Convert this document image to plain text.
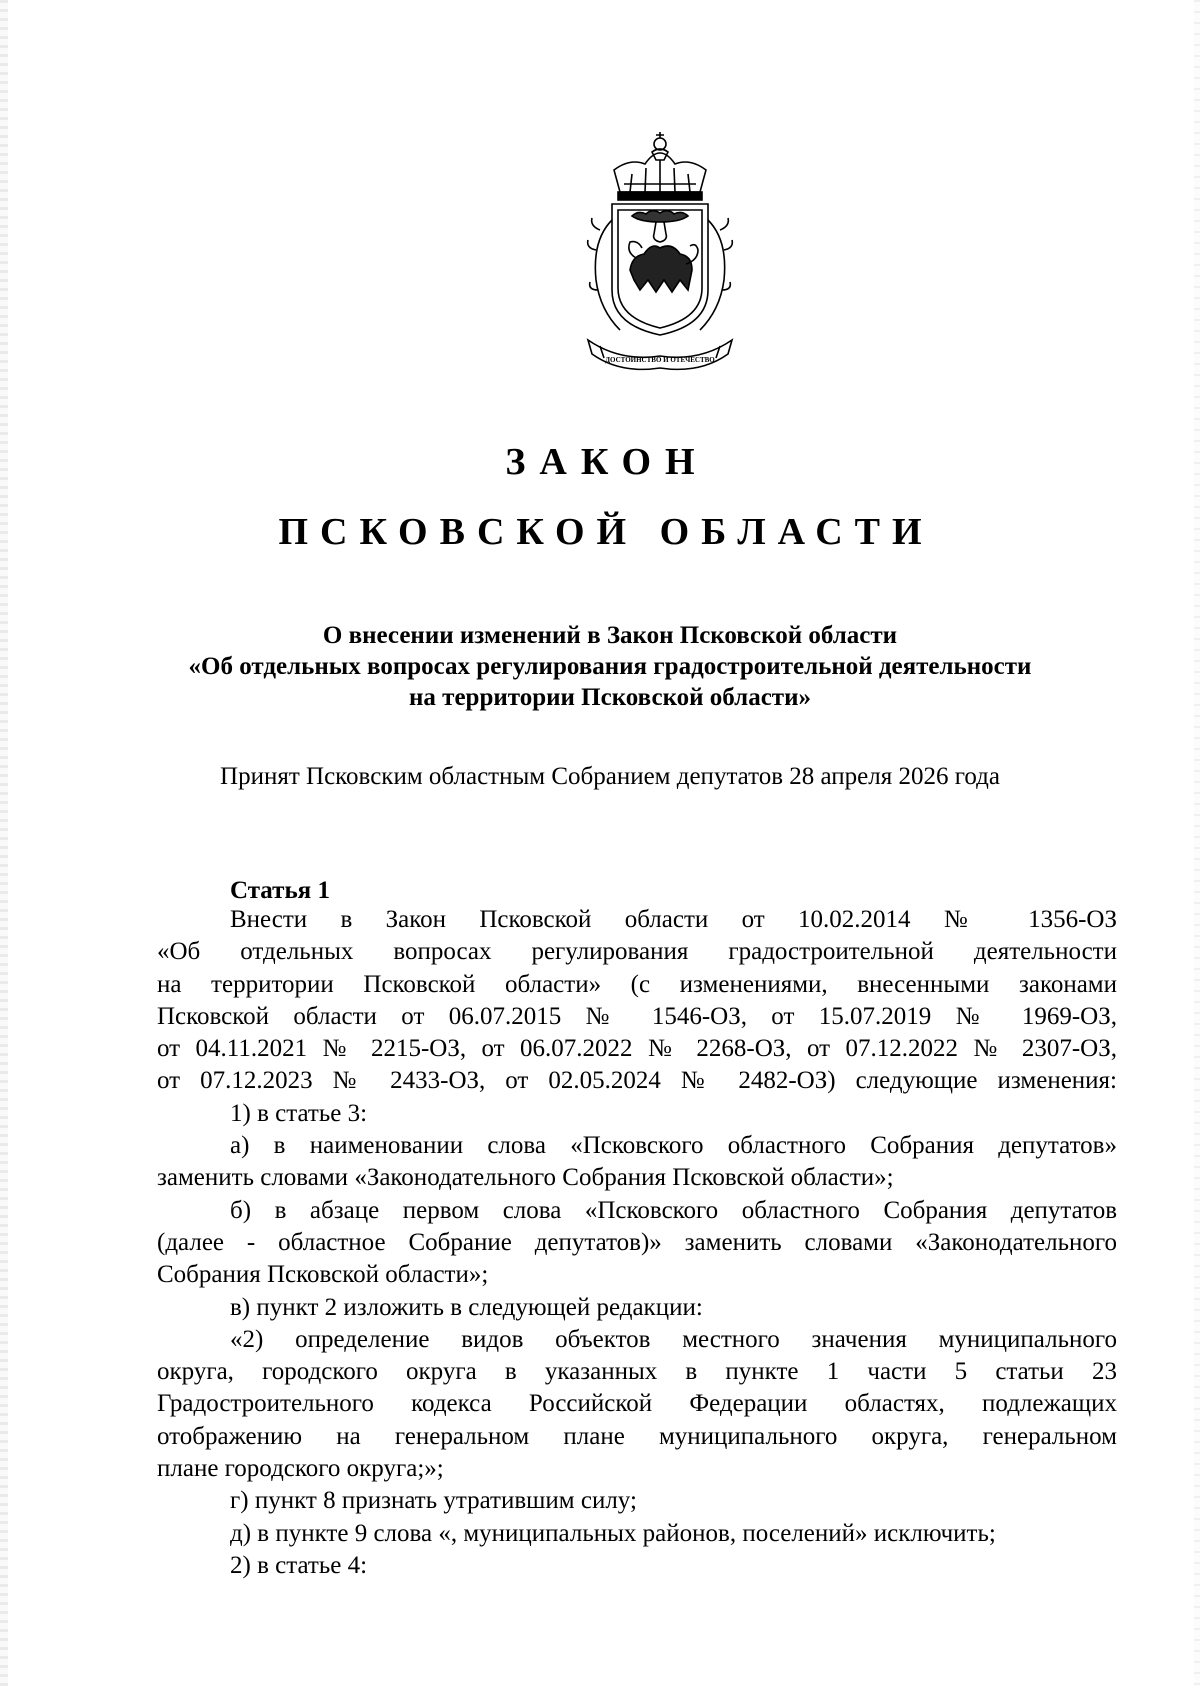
ДОСТОИНСТВО И ОТЕЧЕСТВО
ЗАКОН
ПСКОВСКОЙ ОБЛАСТИ
О внесении изменений в Закон Псковской области
«Об отдельных вопросах регулирования градостроительной деятельности
на территории Псковской области»
Принят Псковским областным Собранием депутатов 28 апреля 2026 года
Статья 1
Внести в Закон Псковской области от 10.02.2014 № 1356-ОЗ
«Об отдельных вопросах регулирования градостроительной деятельности
на территории Псковской области» (с изменениями, внесенными законами
Псковской области от 06.07.2015 № 1546-ОЗ, от 15.07.2019 № 1969-ОЗ,
от 04.11.2021 № 2215-ОЗ, от 06.07.2022 № 2268-ОЗ, от 07.12.2022 № 2307-ОЗ,
от 07.12.2023 № 2433-ОЗ, от 02.05.2024 № 2482-ОЗ) следующие изменения:
1) в статье 3:
а) в наименовании слова «Псковского областного Собрания депутатов»
заменить словами «Законодательного Собрания Псковской области»;
б) в абзаце первом слова «Псковского областного Собрания депутатов
(далее - областное Собрание депутатов)» заменить словами «Законодательного
Собрания Псковской области»;
в) пункт 2 изложить в следующей редакции:
«2) определение видов объектов местного значения муниципального
округа, городского округа в указанных в пункте 1 части 5 статьи 23
Градостроительного кодекса Российской Федерации областях, подлежащих
отображению на генеральном плане муниципального округа, генеральном
плане городского округа;»;
г) пункт 8 признать утратившим силу;
д) в пункте 9 слова «, муниципальных районов, поселений» исключить;
2) в статье 4:
